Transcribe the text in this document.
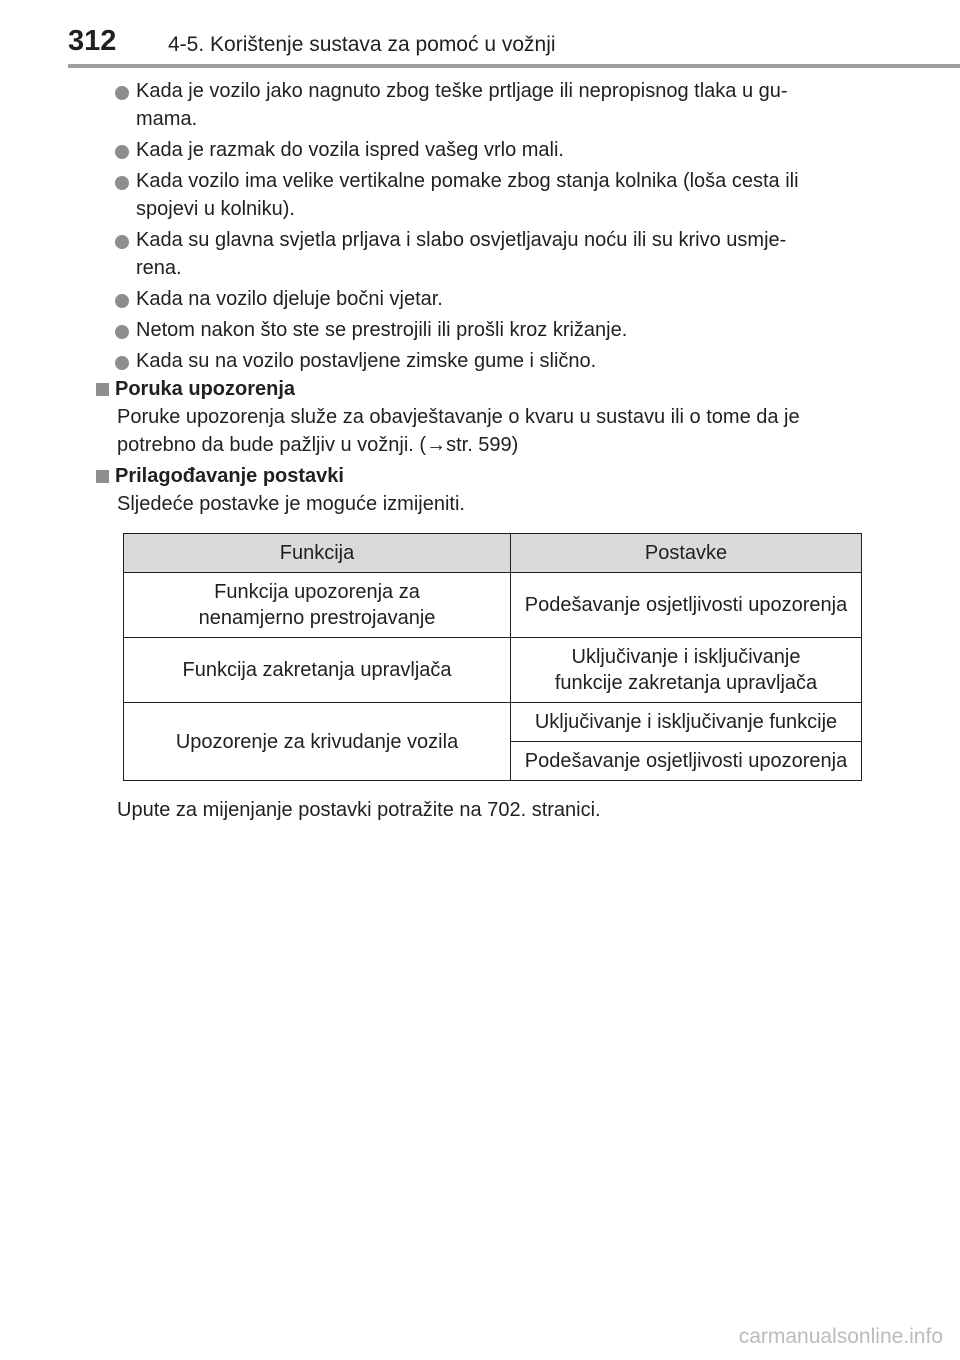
312 4-5. Korištenje sustava za pomoć u vožnji
Kada je vozilo jako nagnuto zbog teške prtljage ili nepropisnog tlaka u gu-
mama.
Kada je razmak do vozila ispred vašeg vrlo mali.
Kada vozilo ima velike vertikalne pomake zbog stanja kolnika (loša cesta ili
spojevi u kolniku).
Kada su glavna svjetla prljava i slabo osvjetljavaju noću ili su krivo usmje-
rena.
Kada na vozilo djeluje bočni vjetar.
Netom nakon što ste se prestrojili ili prošli kroz križanje.
Kada su na vozilo postavljene zimske gume i slično.
Poruka upozorenja
Poruke upozorenja služe za obavještavanje o kvaru u sustavu ili o tome da je
potrebno da bude pažljiv u vožnji. (→str. 599)
Prilagođavanje postavki
Sljedeće postavke je moguće izmijeniti.
Funkcija	Postavke
Funkcija upozorenja za nenamjerno prestrojavanje	Podešavanje osjetljivosti upozorenja
Funkcija zakretanja upravljača	Uključivanje i isključivanje funkcije zakretanja upravljača
Upozorenje za krivudanje vozila	Uključivanje i isključivanje funkcije
	Podešavanje osjetljivosti upozorenja
Upute za mijenjanje postavki potražite na 702. stranici.
carmanualsonline.info
